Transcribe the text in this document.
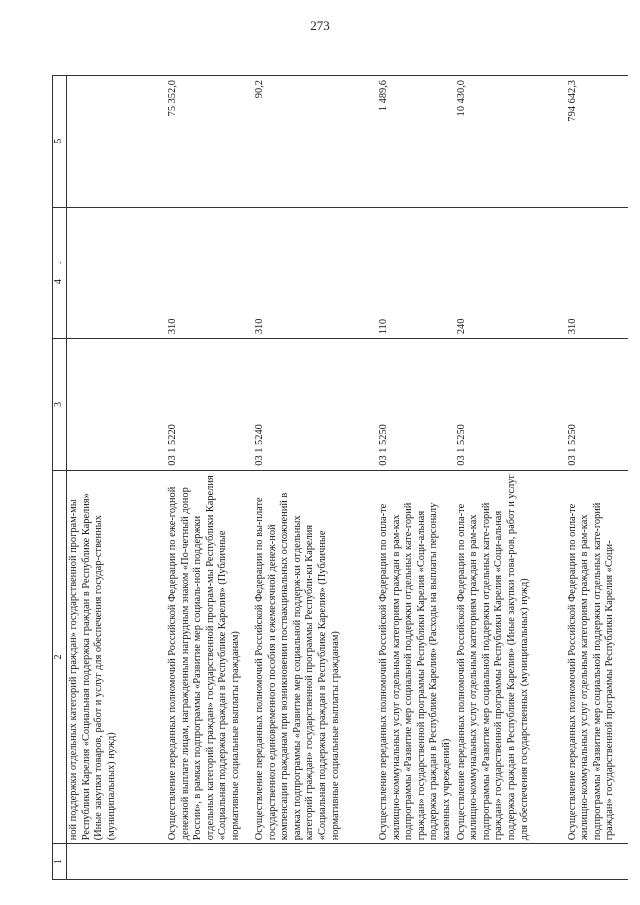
273
1	2	3	4      .	5
	ной поддержки отдельных категорий граждан» государственной програм-мы Республики Карелия «Социальная поддержка граждан в Республике Карелия» (Иные закупки товаров, работ и услуг для обеспечения государ-ственных (муниципальных) нужд)			
	Осуществление переданных полномочий Российской Федерации по еже-годной денежной выплате лицам, награжденным нагрудным знаком «По-четный донор России», в рамках подпрограммы «Развитие мер социаль-ной поддержки отдельных категорий граждан» государственной програм-мы Республики Карелия «Социальная поддержка граждан в Республике Карелия» (Публичные нормативные социальные выплаты гражданам)	03 1 5220	310	75 352,0
	Осуществление переданных полномочий Российской Федерации по вы-плате государственного единовременного пособия и ежемесячной денеж-ной компенсации гражданам при возникновении поствакцинальных осложнений в рамках подпрограммы «Развитие мер социальной поддерж-ки отдельных категорий граждан» государственной программы Республи-ки Карелия «Социальная поддержка граждан в Республике Карелия» (Публичные нормативные социальные выплаты гражданам)	03 1 5240	310	90,2
	Осуществление переданных полномочий Российской Федерации по опла-те жилищно-коммунальных услуг отдельным категориям граждан в рам-ках подпрограммы «Развитие мер социальной поддержки отдельных кате-горий граждан» государственной программы Республики Карелия «Соци-альная поддержка граждан в Республике Карелия» (Расходы на выплаты персоналу казенных учреждений)	03 1 5250	110	1 489,6
	Осуществление переданных полномочий Российской Федерации по опла-те жилищно-коммунальных услуг отдельным категориям граждан в рам-ках подпрограммы «Развитие мер социальной поддержки отдельных кате-горий граждан» государственной программы Республики Карелия «Соци-альная поддержка граждан в Республике Карелия» (Иные закупки това-ров, работ и услуг для обеспечения государственных (муниципальных) нужд)	03 1 5250	240	10 430,0
	Осуществление переданных полномочий Российской Федерации по опла-те жилищно-коммунальных услуг отдельным категориям граждан в рам-ках подпрограммы «Развитие мер социальной поддержки отдельных кате-горий граждан» государственной программы Республики Карелия «Соци-	03 1 5250	310	794 642,3
